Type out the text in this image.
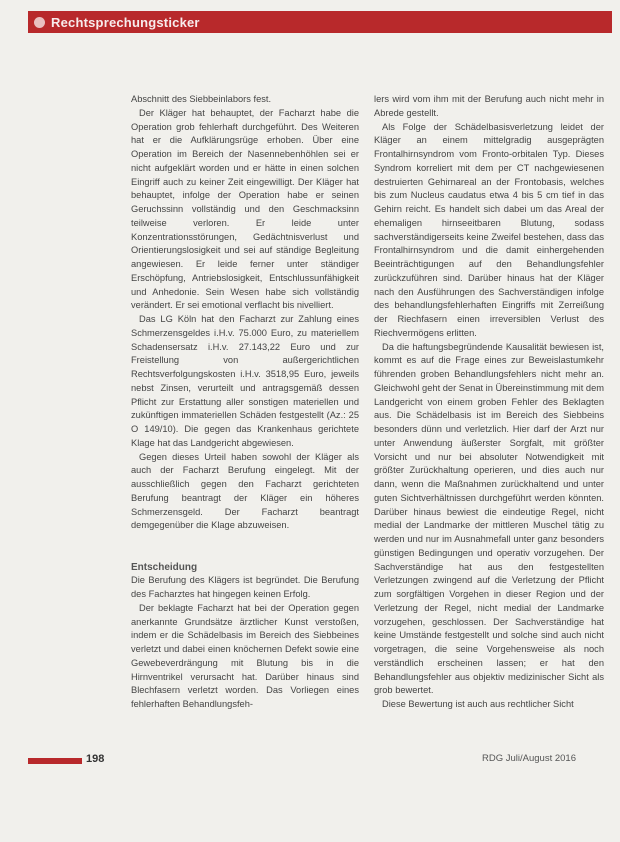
Rechtsprechungsticker

Abschnitt des Siebbeinlabors fest.

Der Kläger hat behauptet, der Facharzt habe die Operation grob fehlerhaft durchgeführt. Des Weiteren hat er die Aufklärungsrüge erhoben. Über eine Operation im Bereich der Nasennebenhöhlen sei er nicht aufgeklärt worden und er hätte in einen solchen Eingriff auch zu keiner Zeit eingewilligt. Der Kläger hat behauptet, infolge der Operation habe er seinen Geruchssinn vollständig und den Geschmacksinn teilweise verloren. Er leide unter Konzentrationsstörungen, Gedächtnisverlust und Orientierungslosigkeit und sei auf ständige Begleitung angewiesen. Er leide ferner unter ständiger Erschöpfung, Antriebslosigkeit, Entschlussunfähigkeit und Anhedonie. Sein Wesen habe sich vollständig verändert. Er sei emotional verflacht bis nivelliert.

Das LG Köln hat den Facharzt zur Zahlung eines Schmerzensgeldes i.H.v. 75.000 Euro, zu materiellem Schadensersatz i.H.v. 27.143,22 Euro und zur Freistellung von außergerichtlichen Rechtsverfolgungskosten i.H.v. 3518,95 Euro, jeweils nebst Zinsen, verurteilt und antragsgemäß dessen Pflicht zur Erstattung aller sonstigen materiellen und zukünftigen immateriellen Schäden festgestellt (Az.: 25 O 149/10). Die gegen das Krankenhaus gerichtete Klage hat das Landgericht abgewiesen.

Gegen dieses Urteil haben sowohl der Kläger als auch der Facharzt Berufung eingelegt. Mit der ausschließlich gegen den Facharzt gerichteten Berufung beantragt der Kläger ein höheres Schmerzensgeld. Der Facharzt beantragt demgegenüber die Klage abzuweisen.

Entscheidung

Die Berufung des Klägers ist begründet. Die Berufung des Facharztes hat hingegen keinen Erfolg.

Der beklagte Facharzt hat bei der Operation gegen anerkannte Grundsätze ärztlicher Kunst verstoßen, indem er die Schädelbasis im Bereich des Siebbeines verletzt und dabei einen knöchernen Defekt sowie eine Gewebeverdrängung mit Blutung bis in die Hirnventrikel verursacht hat. Darüber hinaus sind Blechfasern verletzt worden. Das Vorliegen eines fehlerhaften Behandlungsfeh-

lers wird vom ihm mit der Berufung auch nicht mehr in Abrede gestellt.

Als Folge der Schädelbasisverletzung leidet der Kläger an einem mittelgradig ausgeprägten Frontalhirnsyndrom vom Fronto-orbitalen Typ. Dieses Syndrom korreliert mit dem per CT nachgewiesenen destruierten Gehirnareal an der Frontobasis, welches bis zum Nucleus caudatus etwa 4 bis 5 cm tief in das Gehirn reicht. Es handelt sich dabei um das Areal der ehemaligen hirnseeitbaren Blutung, sodass sachverständigerseits keine Zweifel bestehen, dass das Frontalhirnsyndrom und die damit einhergehenden Beeinträchtigungen auf den Behandlungsfehler zurückzuführen sind. Darüber hinaus hat der Kläger nach den Ausführungen des Sachverständigen infolge des behandlungsfehlerhaften Eingriffs mit Zerreißung der Riechfasern einen irreversiblen Verlust des Riechvermögens erlitten.

Da die haftungsbegründende Kausalität bewiesen ist, kommt es auf die Frage eines zur Beweislastumkehr führenden groben Behandlungsfehlers nicht mehr an. Gleichwohl geht der Senat in Übereinstimmung mit dem Landgericht von einem groben Fehler des Beklagten aus. Die Schädelbasis ist im Bereich des Siebbeins besonders dünn und verletzlich. Hier darf der Arzt nur unter Anwendung äußerster Sorgfalt, mit größter Vorsicht und nur bei absoluter Notwendigkeit mit größter Zurückhaltung operieren, und dies auch nur dann, wenn die Maßnahmen zurückhaltend und unter guten Sichtverhältnissen durchgeführt werden könnten. Darüber hinaus bewiest die eindeutige Regel, nicht medial der Landmarke der mittleren Muschel tätig zu werden und nur im Ausnahmefall unter ganz besonders günstigen Bedingungen und operativ vorzugehen. Der Sachverständige hat aus den festgestellten Verletzungen zwingend auf die Verletzung der Pflicht zum sorgfältigen Vorgehen in dieser Region und der Verletzung der Regel, nicht medial der Landmarke vorzugehen, geschlossen. Der Sachverständige hat keine Umstände festgestellt und solche sind auch nicht vorgetragen, die seine Vorgehensweise als noch verständlich erscheinen lassen; er hat den Behandlungsfehler aus objektiv medizinischer Sicht als grob bewertet.

Diese Bewertung ist auch aus rechtlicher Sicht

198	RDG Juli/August 2016
